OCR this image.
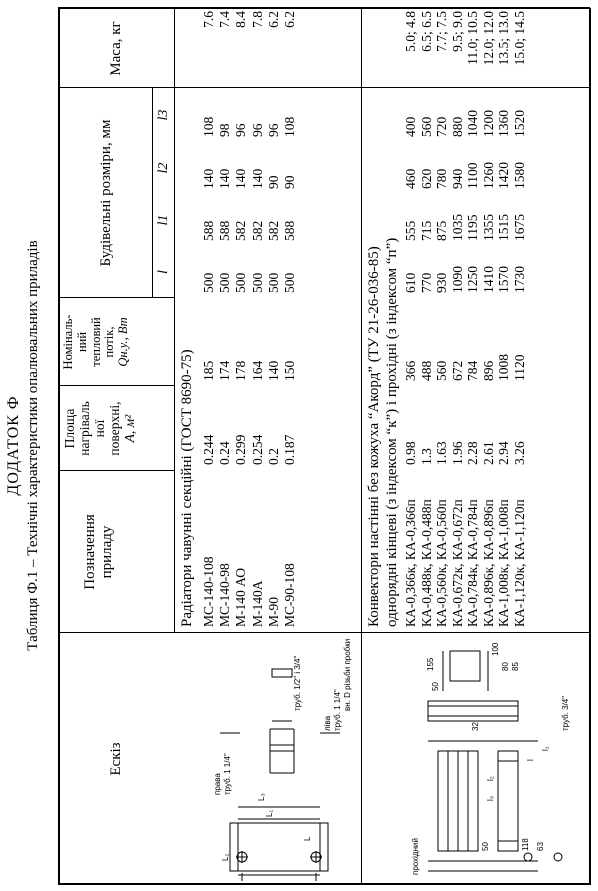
ДОДАТОК Ф Таблиця Ф.1 – Технічні характеристики опалювальних приладів
Ескіз
Позначення приладу
Площа нагріваль ної поверхні, A, м²
Номіналь- ний тепловий потік, Qн.у., Вт
Будівельні розміри, мм
l
l1
l2
l3
Маса, кг
Радіатори чавунні секційні (ГОСТ 8690-75)	Конвектори настінні без кожуха “Акорд” (ТУ 21-26-036-85) однорядні кінцеві (з індексом “к”) і прохідні (з індексом “п”)
МС-140-108
0.244
185
500
588
140
108
7.6
МС-140-98
0.24
174
500
588
140
98
7.4
М-140 АО
0.299
178
500
582
140
96
8.4
М-140А
0.254
164
500
582
140
96
7.8
М-90
0.2
140
500
582
90
96
6.2
МС-90-108
0.187
150
500
588
90
108
6.2
КА-0,366к, КА-0,366п
0.98
366
610
555
460
400
5.0; 4.8
КА-0,488к, КА-0,488п
1.3
488
770
715
620
560
6.5; 6.5
КА-0,560к, КА-0,560п
1.63
560
930
875
780
720
7.7; 7.5
КА-0,672к, КА-0,672п
1.96
672
1090
1035
940
880
9.5; 9.0
КА-0,784к, КА-0,784п
2.28
784
1250
1195
1100
1040
11.0; 10.5
КА-0,896к, КА-0,896п
2.61
896
1410
1355
1260
1200
12.0; 12.0
КА-1,008к, КА-1,008п
2.94
1008
1570
1515
1420
1360
13.5; 13.0
КА-1,120к, КА-1,120п
3.26
1120
1730
1675
1580
1520
15.0; 14.5
L₂
L
L₁
L₃
труб. 1 1/4"
права
труб. 1 1/4"
ліва
вн. D різьби пробки
труб. 1/2" і 3/4"
прохідний
труб. 3/4"
50	118 63
l₃
l₂
l
l₁
32
50
155
100
80 85
